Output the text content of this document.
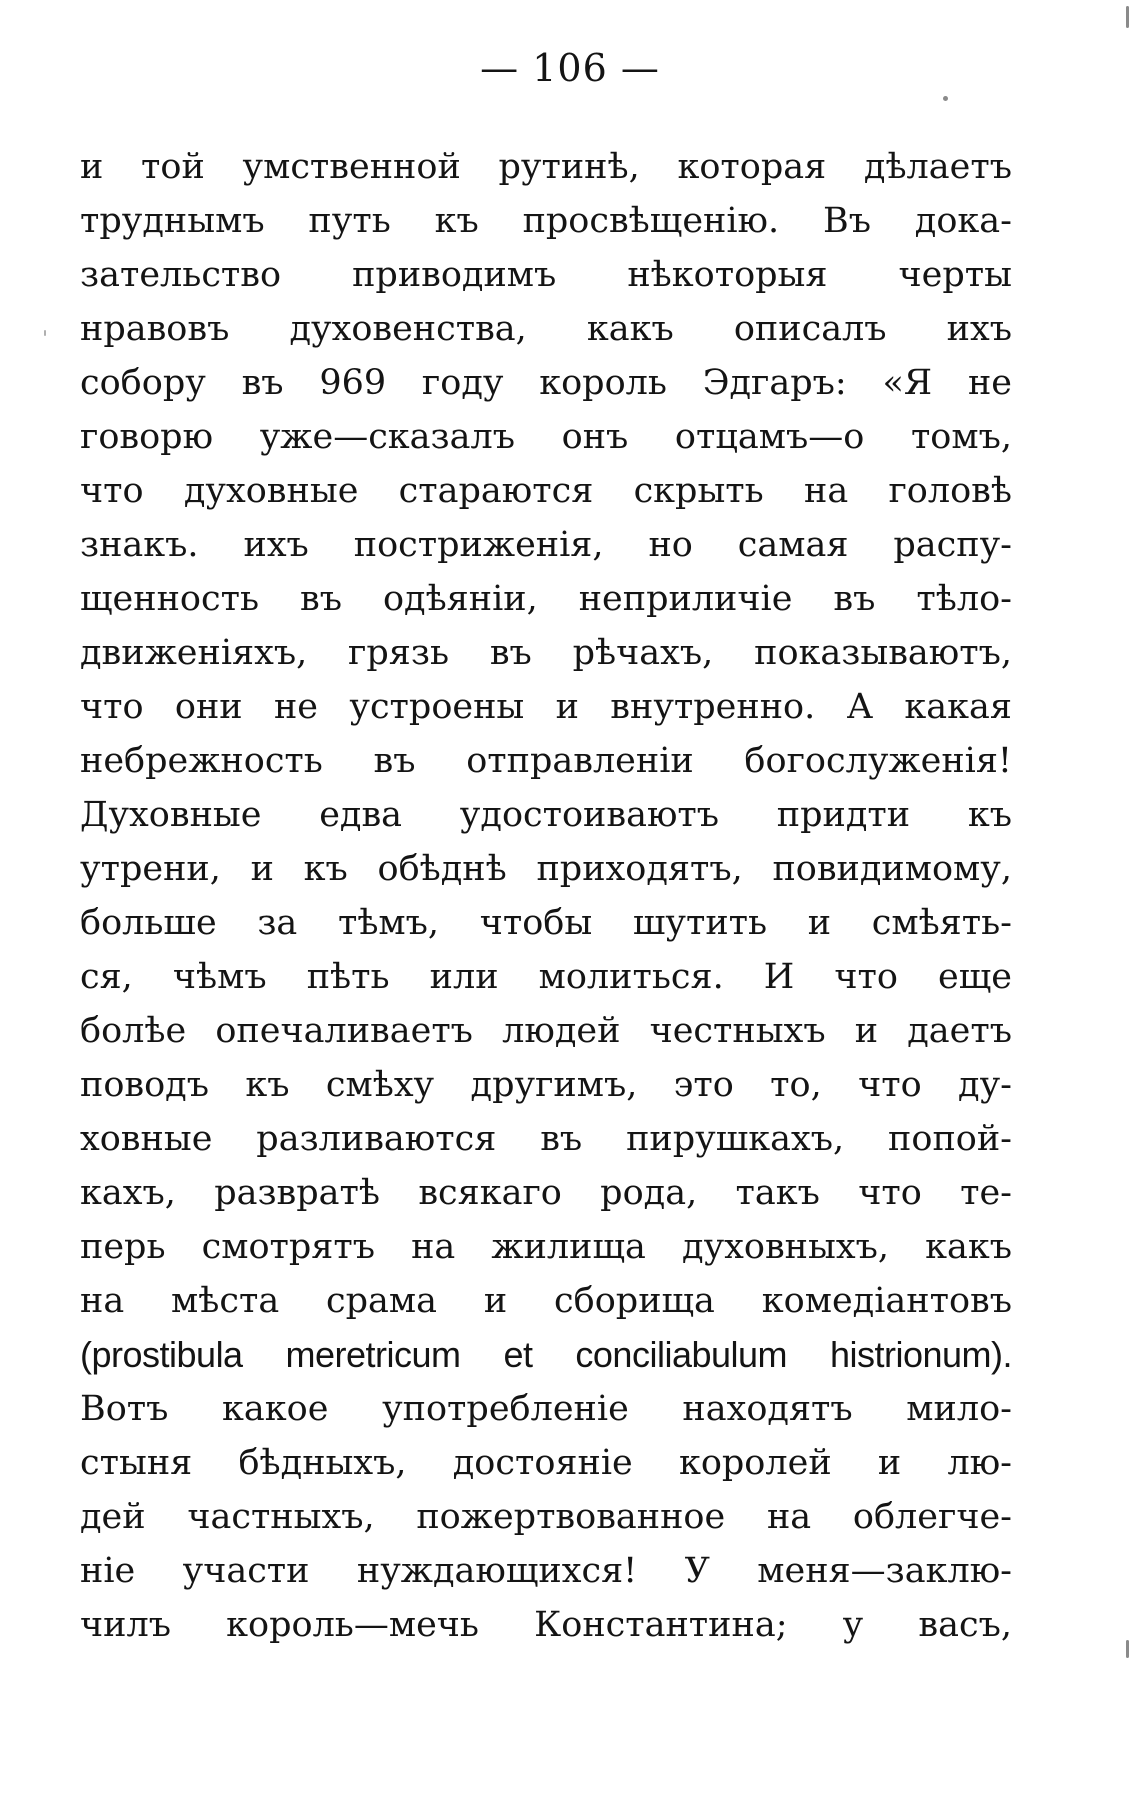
— 106 —
и той умственной рутинѣ, которая дѣлаетъ
труднымъ путь къ просвѣщенію. Въ дока-
зательство приводимъ нѣкоторыя черты
нравовъ духовенства, какъ описалъ ихъ
собору въ 969 году король Эдгаръ: «Я не
говорю уже—сказалъ онъ отцамъ—о томъ,
что духовные стараются скрыть на головѣ
знакъ. ихъ постриженія, но самая распу-
щенность въ одѣяніи, неприличіе въ тѣло-
движеніяхъ, грязь въ рѣчахъ, показываютъ,
что они не устроены и внутренно. А какая
небрежность въ отправленіи богослуженія!
Духовные едва удостоиваютъ придти къ
утрени, и къ обѣднѣ приходятъ, повидимому,
больше за тѣмъ, чтобы шутить и смѣять-
ся, чѣмъ пѣть или молиться. И что еще
болѣе опечаливаетъ людей честныхъ и даетъ
поводъ къ смѣху другимъ, это то, что ду-
ховные разливаются въ пирушкахъ, попой-
кахъ, развратѣ всякаго рода, такъ что те-
перь смотрятъ на жилища духовныхъ, какъ
на мѣста срама и сборища комедіантовъ
(prostibula meretricum et conciliabulum histrionum).
Вотъ какое употребленіе находятъ мило-
стыня бѣдныхъ, достояніе королей и лю-
дей частныхъ, пожертвованное на облегче-
ніе участи нуждающихся! У меня—заклю-
чилъ король—мечь Константина; у васъ,
